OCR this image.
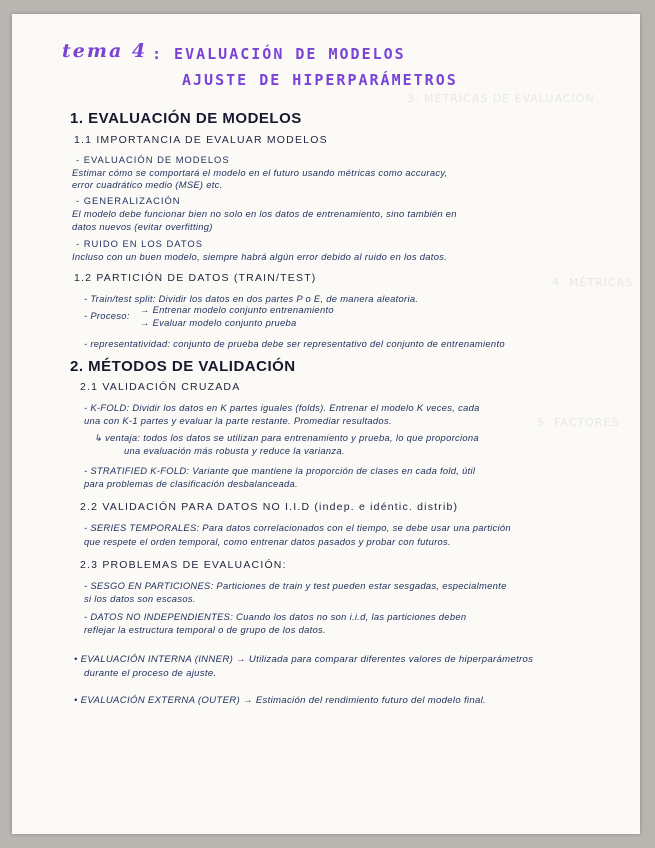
3. MÉTRICAS DE EVALUACIÓN
4. MÉTRICAS
5. FACTORES
tema 4 : EVALUACIÓN DE MODELOS
AJUSTE DE HIPERPARÁMETROS
1. EVALUACIÓN DE MODELOS
1.1 IMPORTANCIA DE EVALUAR MODELOS
- EVALUACIÓN DE MODELOS
Estimar cómo se comportará el modelo en el futuro usando métricas como accuracy,
error cuadrático medio (MSE) etc.
- GENERALIZACIÓN
El modelo debe funcionar bien no solo en los datos de entrenamiento, sino también en
datos nuevos (evitar overfitting)
- RUIDO EN LOS DATOS
Incluso con un buen modelo, siempre habrá algún error debido al ruido en los datos.
1.2 PARTICIÓN DE DATOS (TRAIN/TEST)
- Train/test split: Dividir los datos en dos partes P o E, de manera aleatoria.
- Proceso:
→ Entrenar modelo conjunto entrenamiento
→ Evaluar modelo conjunto prueba
- representatividad: conjunto de prueba debe ser representativo del conjunto de entrenamiento
2. MÉTODOS DE VALIDACIÓN
2.1 VALIDACIÓN CRUZADA
- K-FOLD: Dividir los datos en K partes iguales (folds). Entrenar el modelo K veces, cada
una con K-1 partes y evaluar la parte restante. Promediar resultados.
↳ ventaja: todos los datos se utilizan para entrenamiento y prueba, lo que proporciona
una evaluación más robusta y reduce la varianza.
- STRATIFIED K-FOLD: Variante que mantiene la proporción de clases en cada fold, útil
para problemas de clasificación desbalanceada.
2.2 VALIDACIÓN PARA DATOS NO I.I.D (indep. e idéntic. distrib)
- SERIES TEMPORALES: Para datos correlacionados con el tiempo, se debe usar una partición
que respete el orden temporal, como entrenar datos pasados y probar con futuros.
2.3 PROBLEMAS DE EVALUACIÓN:
- SESGO EN PARTICIONES: Particiones de train y test pueden estar sesgadas, especialmente
si los datos son escasos.
- DATOS NO INDEPENDIENTES: Cuando los datos no son i.i.d, las particiones deben
reflejar la estructura temporal o de grupo de los datos.
• EVALUACIÓN INTERNA (INNER) → Utilizada para comparar diferentes valores de hiperparámetros
durante el proceso de ajuste.
• EVALUACIÓN EXTERNA (OUTER) → Estimación del rendimiento futuro del modelo final.
